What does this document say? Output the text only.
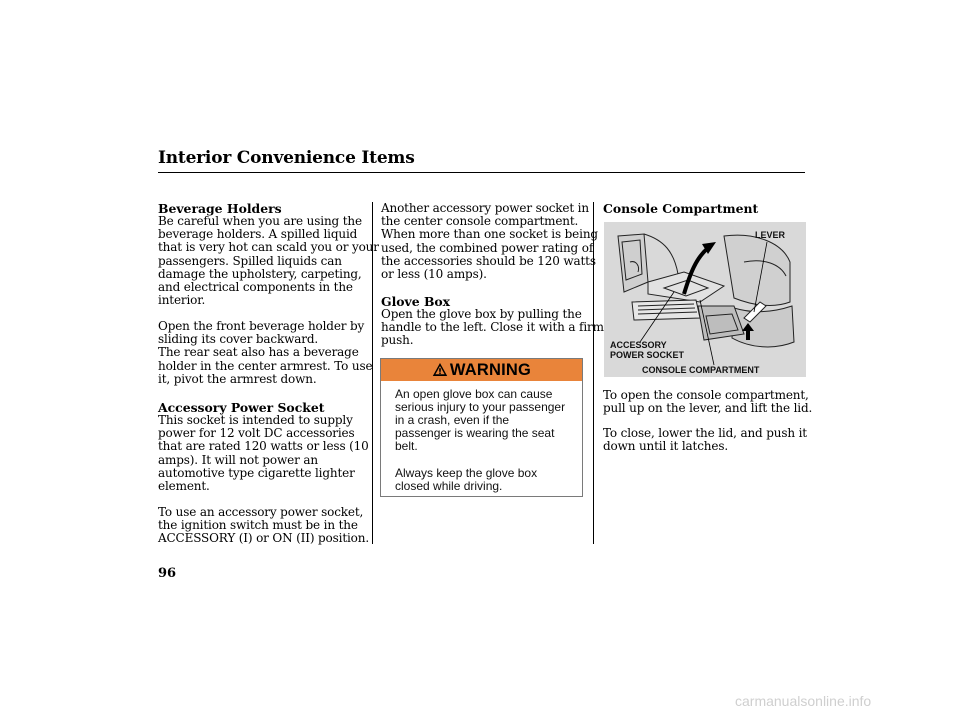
Interior Convenience Items
Beverage Holders
Be careful when you are using the
beverage holders. A spilled liquid
that is very hot can scald you or your
passengers. Spilled liquids can
damage the upholstery, carpeting,
and electrical components in the
interior.
Open the front beverage holder by
sliding its cover backward.
The rear seat also has a beverage
holder in the center armrest. To use
it, pivot the armrest down.
Accessory Power Socket
This socket is intended to supply
power for 12 volt DC accessories
that are rated 120 watts or less (10
amps). It will not power an
automotive type cigarette lighter
element.
To use an accessory power socket,
the ignition switch must be in the
ACCESSORY (I) or ON (II) position.
Another accessory power socket in
the center console compartment.
When more than one socket is being
used, the combined power rating of
the accessories should be 120 watts
or less (10 amps).
Glove Box
Open the glove box by pulling the
handle to the left. Close it with a firm
push.
WARNING
An open glove box can cause
serious injury to your passenger
in a crash, even if the
passenger is wearing the seat
belt.
Always keep the glove box
closed while driving.
Console Compartment
LEVER
ACCESSORY
POWER SOCKET
CONSOLE COMPARTMENT
To open the console compartment,
pull up on the lever, and lift the lid.
To close, lower the lid, and push it
down until it latches.
96
carmanualsonline.info
